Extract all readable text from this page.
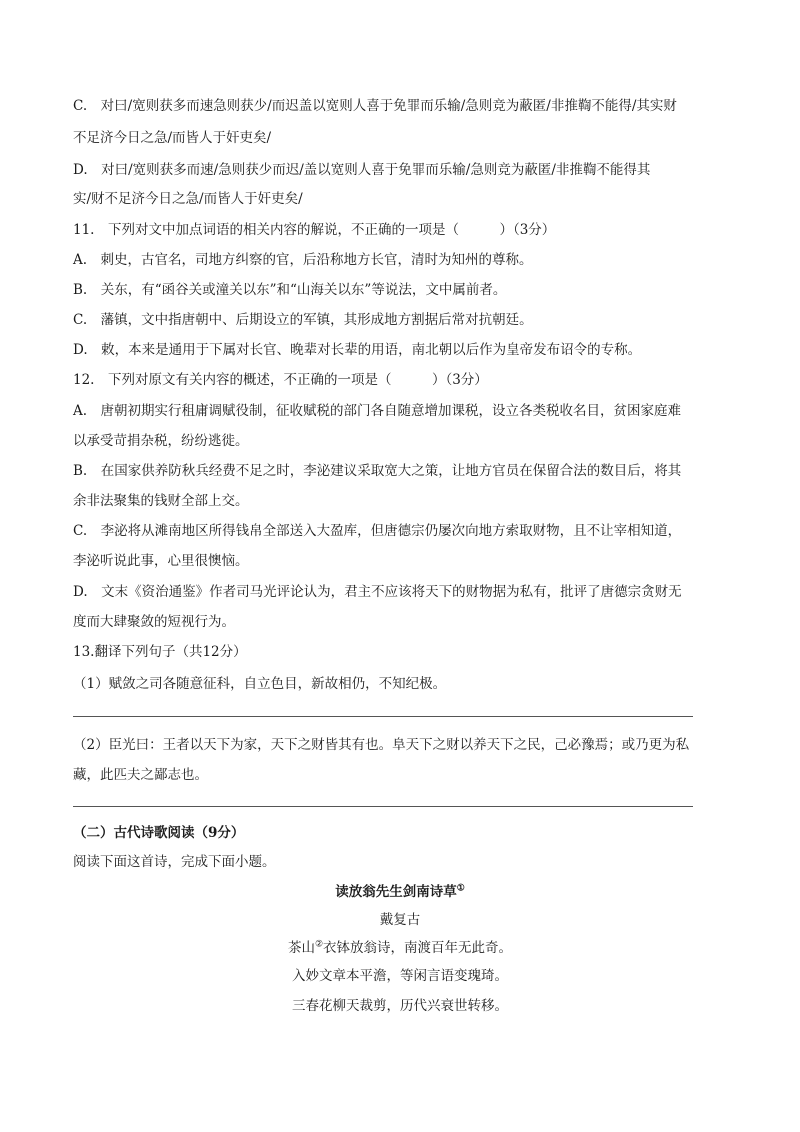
C.　对曰/宽则获多而速急则获少/而迟盖以宽则人喜于免罪而乐输/急则竞为蔽匿/非推鞫不能得/其实财
不足济今日之急/而皆人于奸吏矣/
D.　对曰/宽则获多而速/急则获少而迟/盖以宽则人喜于免罪而乐输/急则竞为蔽匿/非推鞫不能得其
实/财不足济今日之急/而皆人于奸吏矣/
11.　下列对文中加点词语的相关内容的解说，不正确的一项是（　　　）（3分）
A.　刺史，古官名，司地方纠察的官，后沿称地方长官，清时为知州的尊称。
B.　关东，有“函谷关或潼关以东”和“山海关以东”等说法，文中属前者。
C.　藩镇，文中指唐朝中、后期设立的军镇，其形成地方割据后常对抗朝廷。
D.　敕，本来是通用于下属对长官、晚辈对长辈的用语，南北朝以后作为皇帝发布诏令的专称。
12.　下列对原文有关内容的概述，不正确的一项是（　　　）（3分）
A.　唐朝初期实行租庸调赋役制，征收赋税的部门各自随意增加课税，设立各类税收名目，贫困家庭难
以承受苛捐杂税，纷纷逃徙。
B.　在国家供养防秋兵经费不足之时，李泌建议采取宽大之策，让地方官员在保留合法的数目后，将其
余非法聚集的钱财全部上交。
C.　李泌将从滩南地区所得钱帛全部送入大盈库，但唐德宗仍屡次向地方索取财物，且不让宰相知道，
李泌听说此事，心里很懊恼。
D.　文末《资治通鉴》作者司马光评论认为，君主不应该将天下的财物据为私有，批评了唐德宗贪财无
度而大肆聚敛的短视行为。
13.翻译下列句子（共12分）
（1）赋敛之司各随意征科，自立色目，新故相仍，不知纪极。
（2）臣光曰：王者以天下为家，天下之财皆其有也。阜天下之财以养天下之民，己必豫焉；或乃更为私
藏，此匹夫之鄙志也。
（二）古代诗歌阅读（9分）
阅读下面这首诗，完成下面小题。
读放翁先生剑南诗草①
戴复古
茶山②衣钵放翁诗，南渡百年无此奇。
入妙文章本平澹，等闲言语变瑰琦。
三春花柳天裁剪，历代兴衰世转移。
